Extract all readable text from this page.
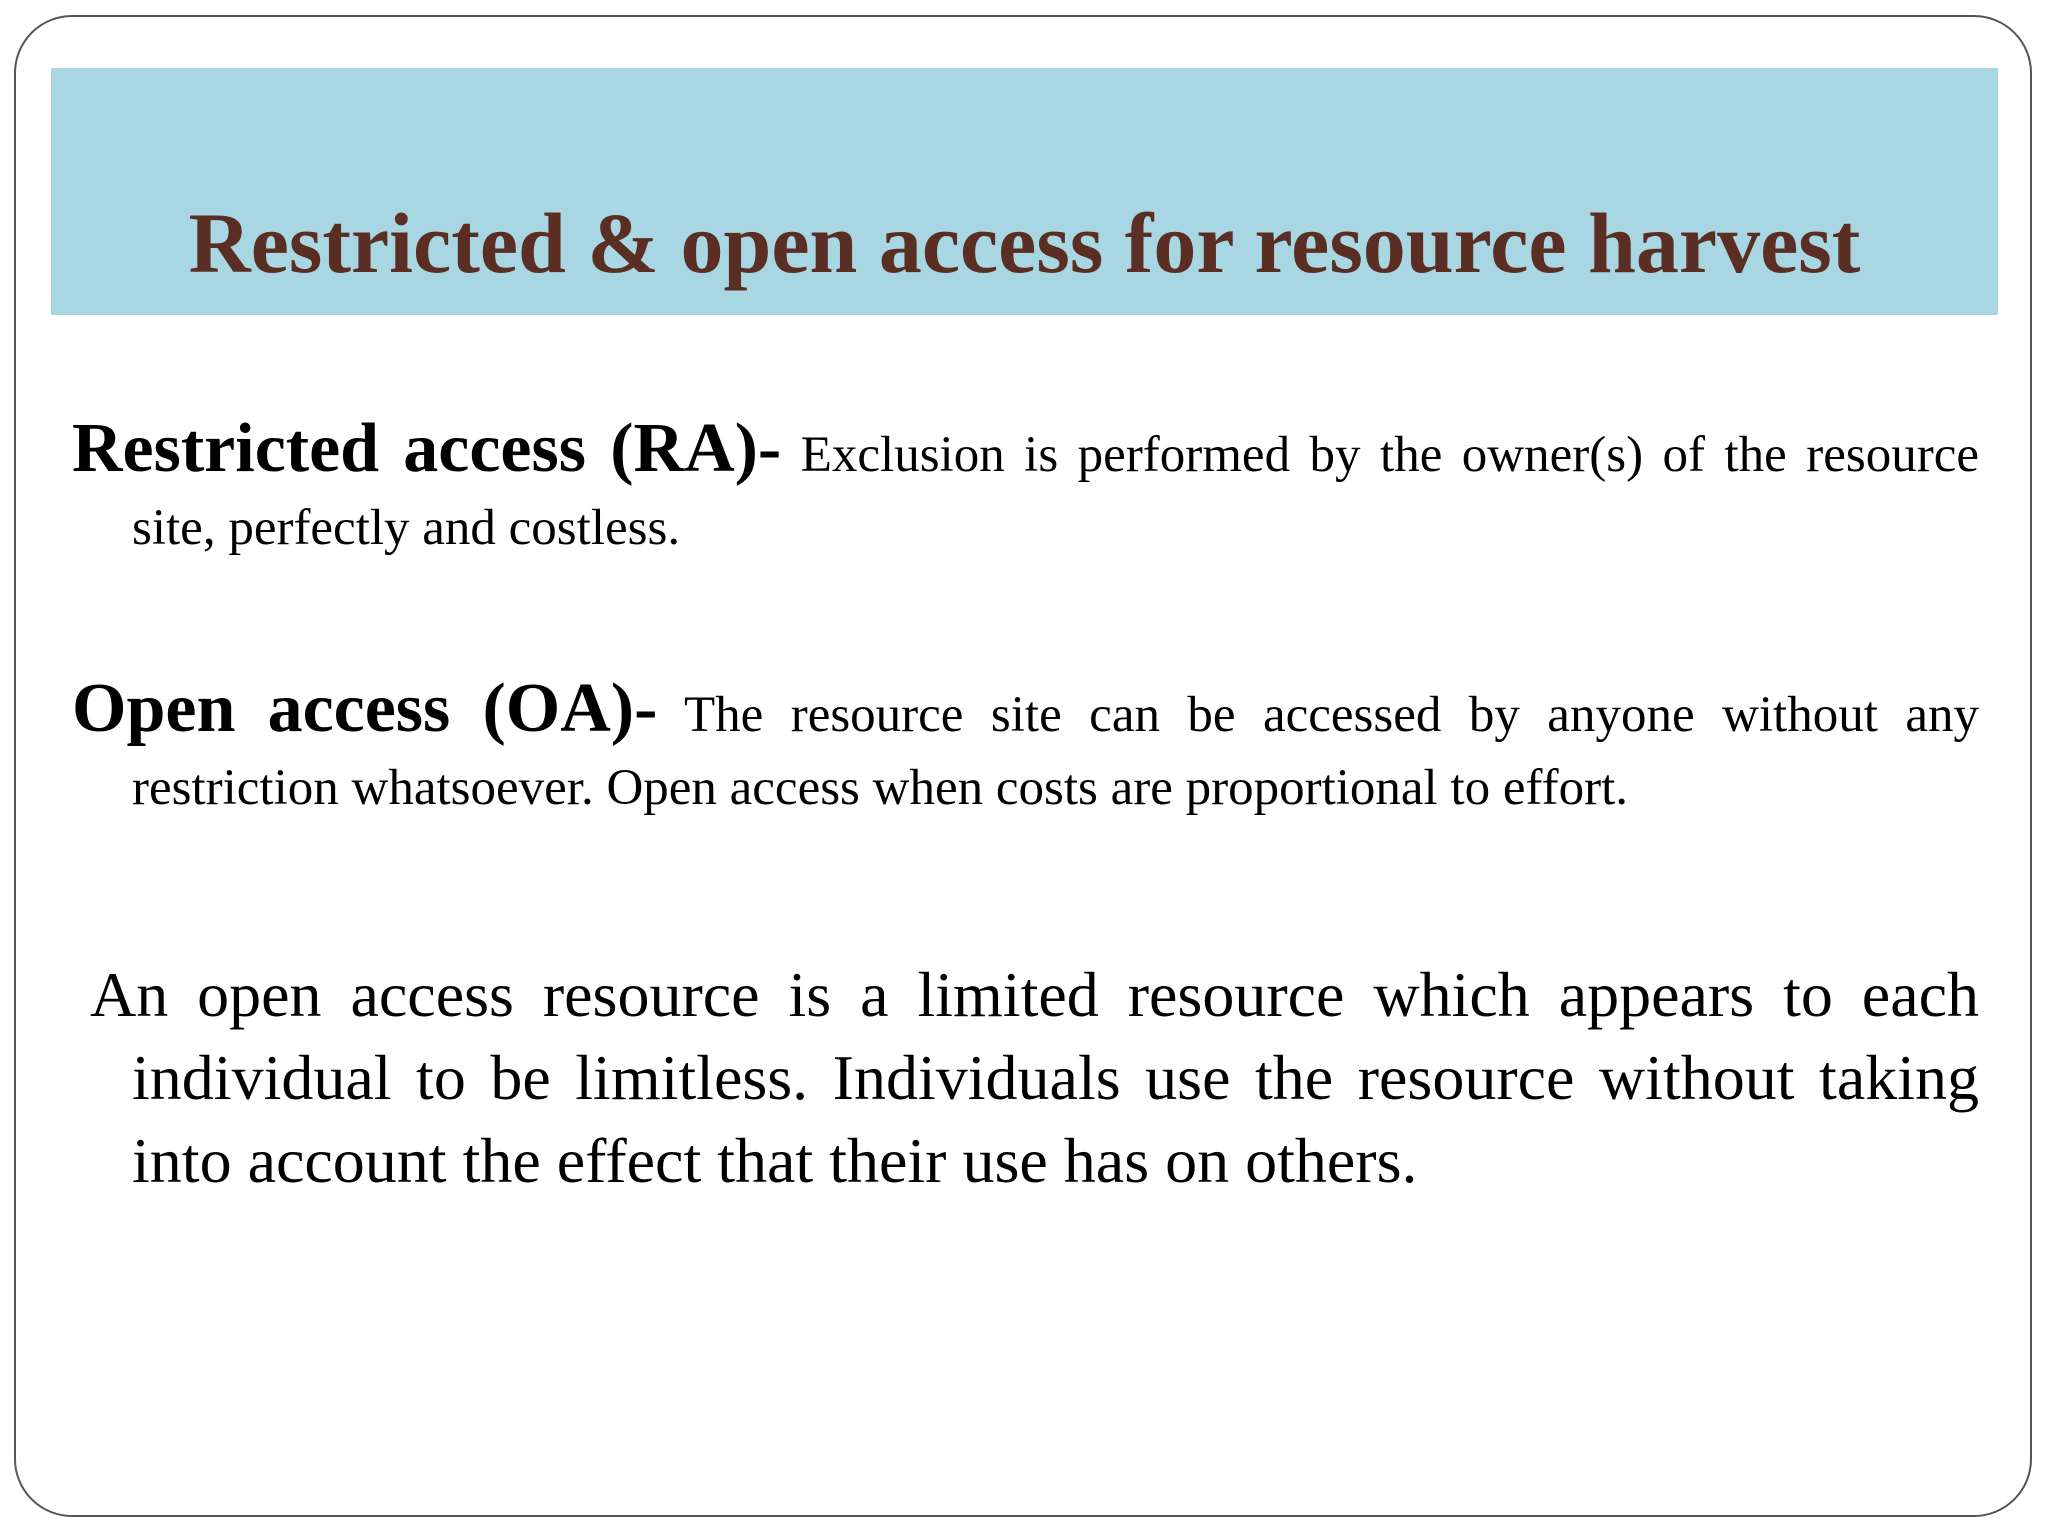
Restricted & open access for resource harvest

Restricted access (RA)- Exclusion is performed by the owner(s) of the resource site, perfectly and costless.

Open access (OA)- The resource site can be accessed by anyone without any restriction whatsoever. Open access when costs are proportional to effort.

An open access resource is a limited resource which appears to each individual to be limitless. Individuals use the resource without taking into account the effect that their use has on others.
